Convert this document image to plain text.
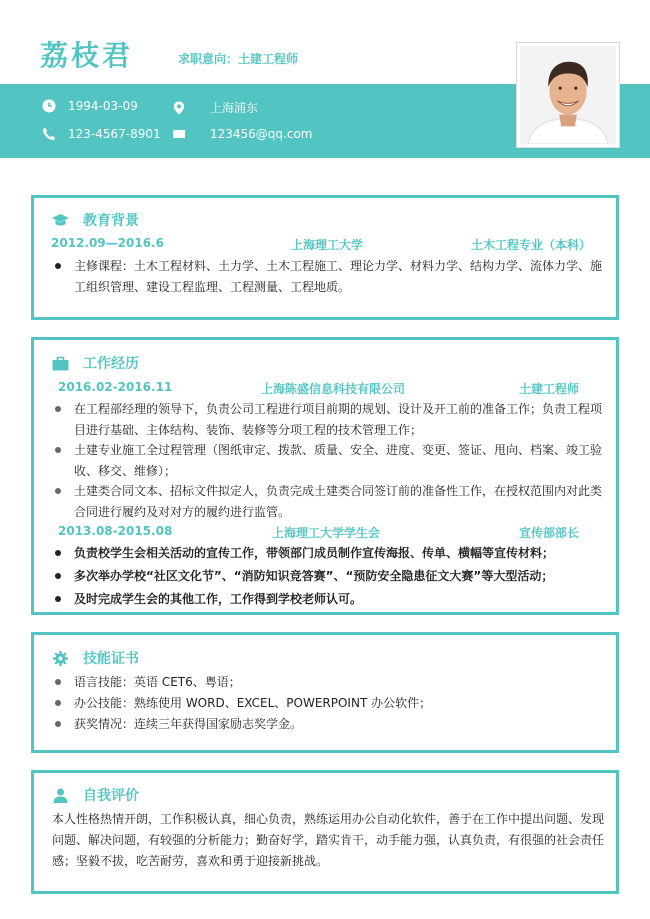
荔枝君	求职意向：土建工程师
1994-03-09	上海浦东
123-4567-8901	123456@qq.com
教育背景
2012.09—2016.6	上海理工大学	土木工程专业（本科）
主修课程：土木工程材料、土力学、土木工程施工、理论力学、材料力学、结构力学、流体力学、施工组织管理、建设工程监理、工程测量、工程地质。
工作经历
2016.02-2016.11	上海陈盛信息科技有限公司	土建工程师
在工程部经理的领导下，负责公司工程进行项目前期的规划、设计及开工前的准备工作；负责工程项目进行基础、主体结构、装饰、装修等分项工程的技术管理工作；
土建专业施工全过程管理（图纸审定、拨款、质量、安全、进度、变更、签证、甩向、档案、竣工验收、移交、维修）；
土建类合同文本、招标文件拟定人，负责完成土建类合同签订前的准备性工作，在授权范围内对此类合同进行履约及对对方的履约进行监管。
2013.08-2015.08	上海理工大学学生会	宣传部部长
负责校学生会相关活动的宣传工作，带领部门成员制作宣传海报、传单、横幅等宣传材料；
多次举办学校“社区文化节”、“消防知识竞答赛”、“预防安全隐患征文大赛”等大型活动；
及时完成学生会的其他工作，工作得到学校老师认可。
技能证书
语言技能：英语 CET6、粤语；
办公技能：熟练使用 WORD、EXCEL、POWERPOINT 办公软件；
获奖情况：连续三年获得国家励志奖学金。
自我评价
本人性格热情开朗，工作积极认真，细心负责，熟练运用办公自动化软件，善于在工作中提出问题、发现问题、解决问题，有较强的分析能力；勤奋好学，踏实肯干，动手能力强，认真负责，有很强的社会责任感；坚毅不拔，吃苦耐劳，喜欢和勇于迎接新挑战。
